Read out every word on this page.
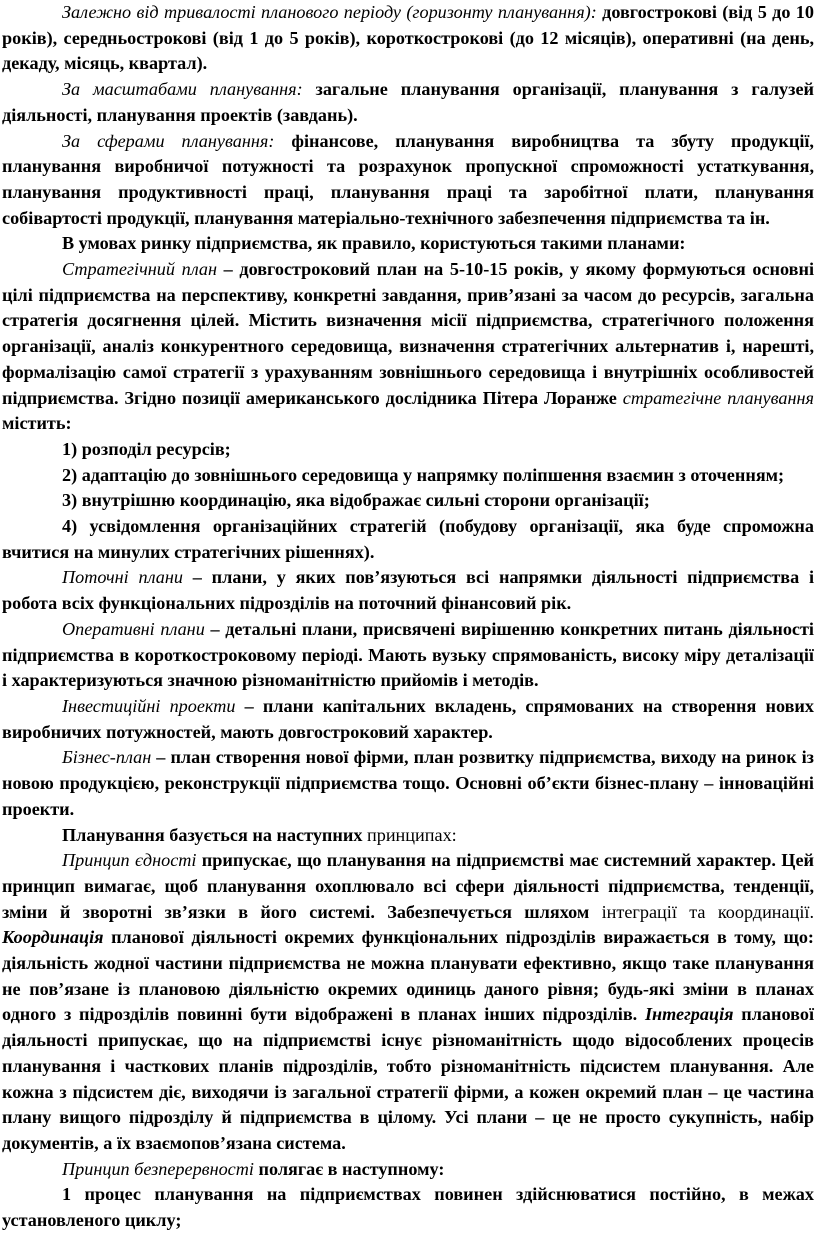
Залежно від тривалості планового періоду (горизонту планування): довгострокові (від 5 до 10 років), середньострокові (від 1 до 5 років), короткострокові (до 12 місяців), оперативні (на день, декаду, місяць, квартал).

За масштабами планування: загальне планування організації, планування з галузей діяльності, планування проектів (завдань).

За сферами планування: фінансове, планування виробництва та збуту продукції, планування виробничої потужності та розрахунок пропускної спроможності устаткування, планування продуктивності праці, планування праці та заробітної плати, планування собівартості продукції, планування матеріально-технічного забезпечення підприємства та ін.

В умовах ринку підприємства, як правило, користуються такими планами:

Стратегічний план – довгостроковий план на 5-10-15 років, у якому формуються основні цілі підприємства на перспективу, конкретні завдання, прив’язані за часом до ресурсів, загальна стратегія досягнення цілей. Містить визначення місії підприємства, стратегічного положення організації, аналіз конкурентного середовища, визначення стратегічних альтернатив і, нарешті, формалізацію самої стратегії з урахуванням зовнішнього середовища і внутрішніх особливостей підприємства. Згідно позиції американського дослідника Пітера Лоранже стратегічне планування містить:

1) розподіл ресурсів;

2) адаптацію до зовнішнього середовища у напрямку поліпшення взаємин з оточенням;

3) внутрішню координацію, яка відображає сильні сторони організації;

4) усвідомлення організаційних стратегій (побудову організації, яка буде спроможна вчитися на минулих стратегічних рішеннях).

Поточні плани – плани, у яких пов’язуються всі напрямки діяльності підприємства і робота всіх функціональних підрозділів на поточний фінансовий рік.

Оперативні плани – детальні плани, присвячені вирішенню конкретних питань діяльності підприємства в короткостроковому періоді. Мають вузьку спрямованість, високу міру деталізації і характеризуються значною різноманітністю прийомів і методів.

Інвестиційні проекти – плани капітальних вкладень, спрямованих на створення нових виробничих потужностей, мають довгостроковий характер.

Бізнес-план – план створення нової фірми, план розвитку підприємства, виходу на ринок із новою продукцією, реконструкції підприємства тощо. Основні об’єкти бізнес-плану – інноваційні проекти.

Планування базується на наступних принципах:

Принцип єдності припускає, що планування на підприємстві має системний характер. Цей принцип вимагає, щоб планування охоплювало всі сфери діяльності підприємства, тенденції, зміни й зворотні зв’язки в його системі. Забезпечується шляхом інтеграції та координації. Координація планової діяльності окремих функціональних підрозділів виражається в тому, що: діяльність жодної частини підприємства не можна планувати ефективно, якщо таке планування не пов’язане із плановою діяльністю окремих одиниць даного рівня; будь-які зміни в планах одного з підрозділів повинні бути відображені в планах інших підрозділів. Інтеграція планової діяльності припускає, що на підприємстві існує різноманітність щодо відособлених процесів планування і часткових планів підрозділів, тобто різноманітність підсистем планування. Але кожна з підсистем діє, виходячи із загальної стратегії фірми, а кожен окремий план – це частина плану вищого підрозділу й підприємства в цілому. Усі плани – це не просто сукупність, набір документів, а їх взаємопов’язана система.

Принцип безперервності полягає в наступному:

1 процес планування на підприємствах повинен здійснюватися постійно, в межах установленого циклу;
